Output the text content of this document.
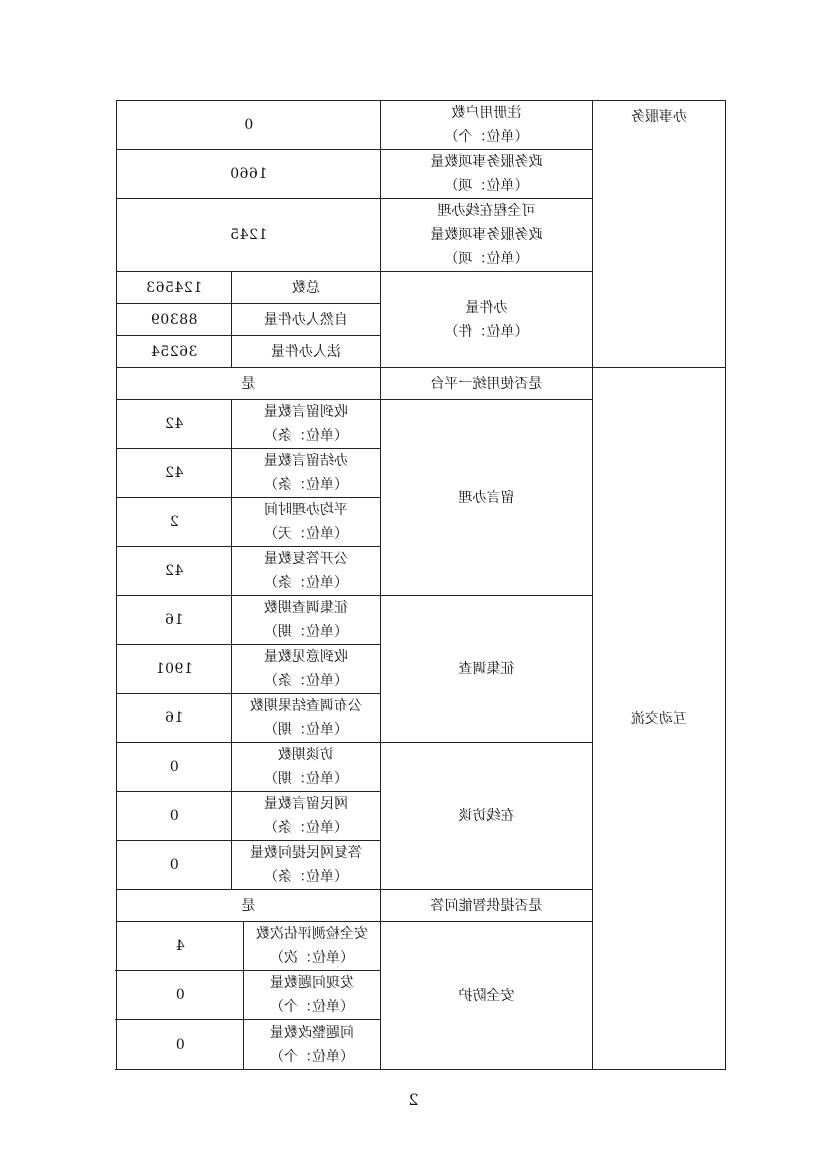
办事服务	注册用户数
（单位：个）	0		

	政务服务事项数量
（单位：项）	1660		

	可全程在线办理
政务服务事项数量
（单位：项）	1245		

	办件量
（单位：件）	总数		124563
		自然人办件量		88309
		法人办件量		36254
互动交流	是否使用统一平台	是		
	留言办理	收到留言数量
（单位：条）		42

		办结留言数量
（单位：条）		42

		平均办理时间
（单位：天）		2

		公开答复数量
（单位：条）		42
	征集调查	征集调查期数
（单位：期）		16

		收到意见数量
（单位：条）		1901

		公布调查结果期数
（单位：期）		16
	在线访谈	访谈期数
（单位：期）		0

		网民留言数量
（单位：条）		0

		答复网民提问数量
（单位：条）		0
	是否提供智能问答	是		
	安全防护	安全检测评估次数
（单位：次）	4	

		发现问题数量
（单位：个）	0	

		问题整改数量
（单位：个）	0	
2
